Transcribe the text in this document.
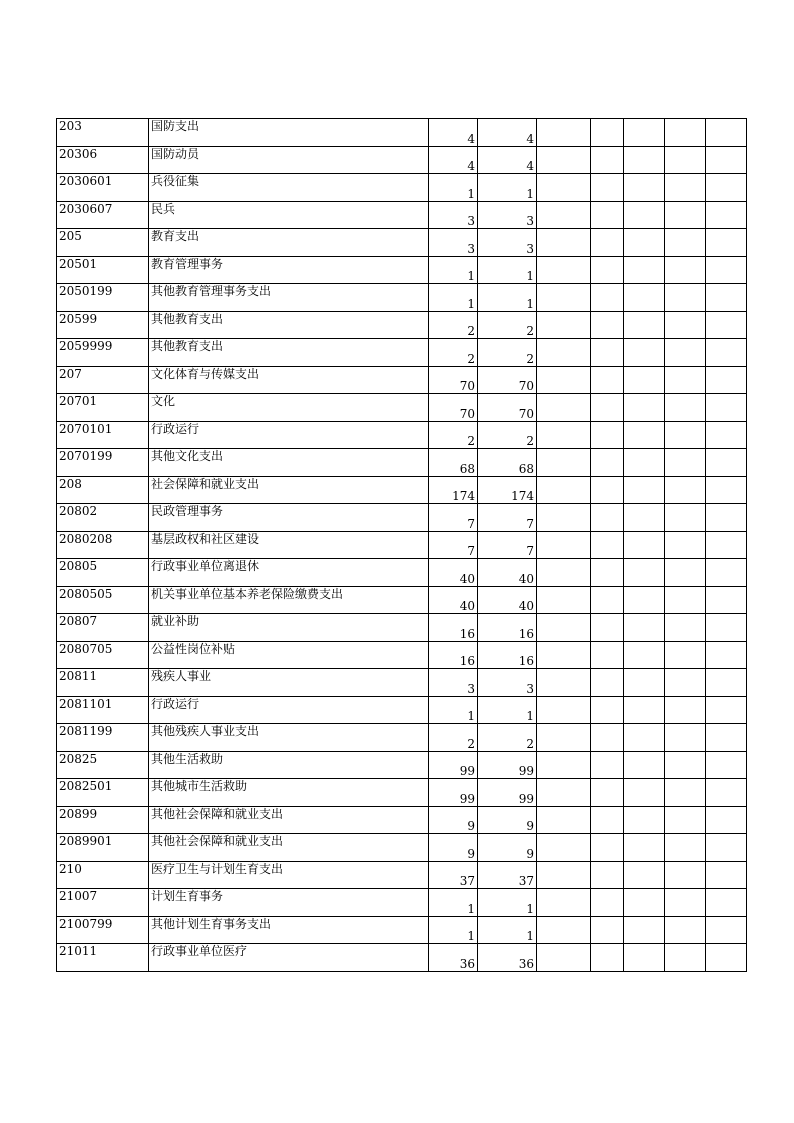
203	国防支出	4	4					
20306	国防动员	4	4					
2030601	兵役征集	1	1					
2030607	民兵	3	3					
205	教育支出	3	3					
20501	教育管理事务	1	1					
2050199	其他教育管理事务支出	1	1					
20599	其他教育支出	2	2					
2059999	其他教育支出	2	2					
207	文化体育与传媒支出	70	70					
20701	文化	70	70					
2070101	行政运行	2	2					
2070199	其他文化支出	68	68					
208	社会保障和就业支出	174	174					
20802	民政管理事务	7	7					
2080208	基层政权和社区建设	7	7					
20805	行政事业单位离退休	40	40					
2080505	机关事业单位基本养老保险缴费支出	40	40					
20807	就业补助	16	16					
2080705	公益性岗位补贴	16	16					
20811	残疾人事业	3	3					
2081101	行政运行	1	1					
2081199	其他残疾人事业支出	2	2					
20825	其他生活救助	99	99					
2082501	其他城市生活救助	99	99					
20899	其他社会保障和就业支出	9	9					
2089901	其他社会保障和就业支出	9	9					
210	医疗卫生与计划生育支出	37	37					
21007	计划生育事务	1	1					
2100799	其他计划生育事务支出	1	1					
21011	行政事业单位医疗	36	36					
